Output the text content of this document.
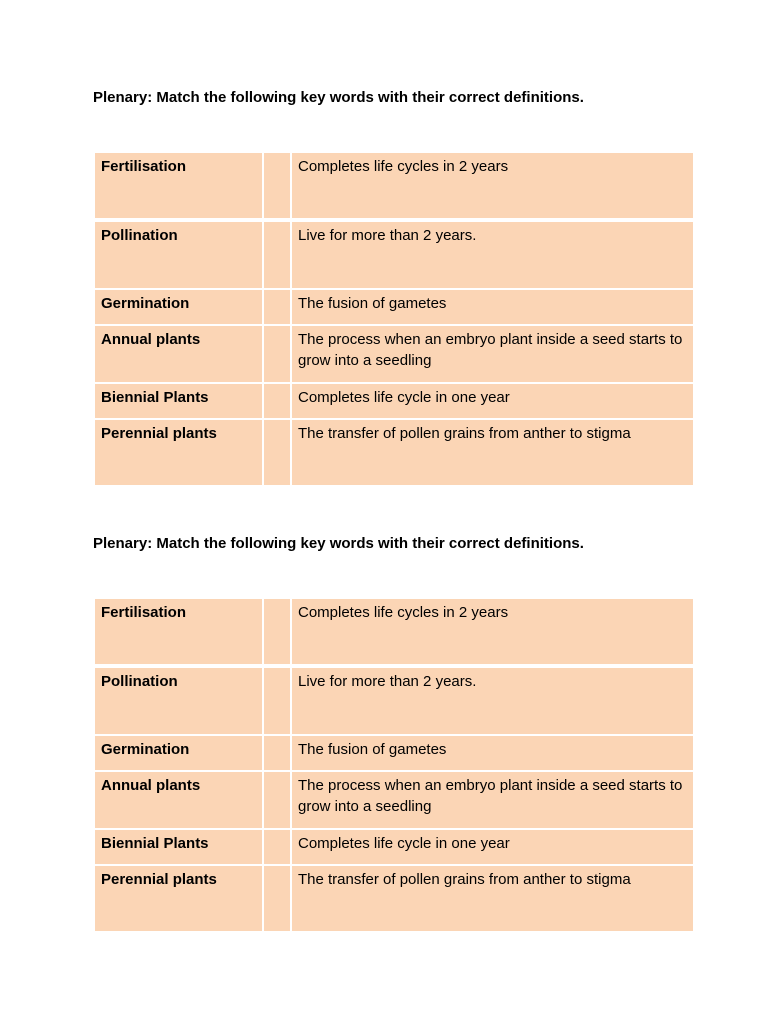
Plenary: Match the following key words with their correct definitions.

Fertilisation		Completes life cycles in 2 years
Pollination		Live for more than 2 years.
Germination		The fusion of gametes
Annual plants		The process when an embryo plant inside a seed starts to grow into a seedling
Biennial Plants		Completes life cycle in one year
Perennial plants		The transfer of pollen grains from anther to stigma

Plenary: Match the following key words with their correct definitions.

Fertilisation		Completes life cycles in 2 years
Pollination		Live for more than 2 years.
Germination		The fusion of gametes
Annual plants		The process when an embryo plant inside a seed starts to grow into a seedling
Biennial Plants		Completes life cycle in one year
Perennial plants		The transfer of pollen grains from anther to stigma
